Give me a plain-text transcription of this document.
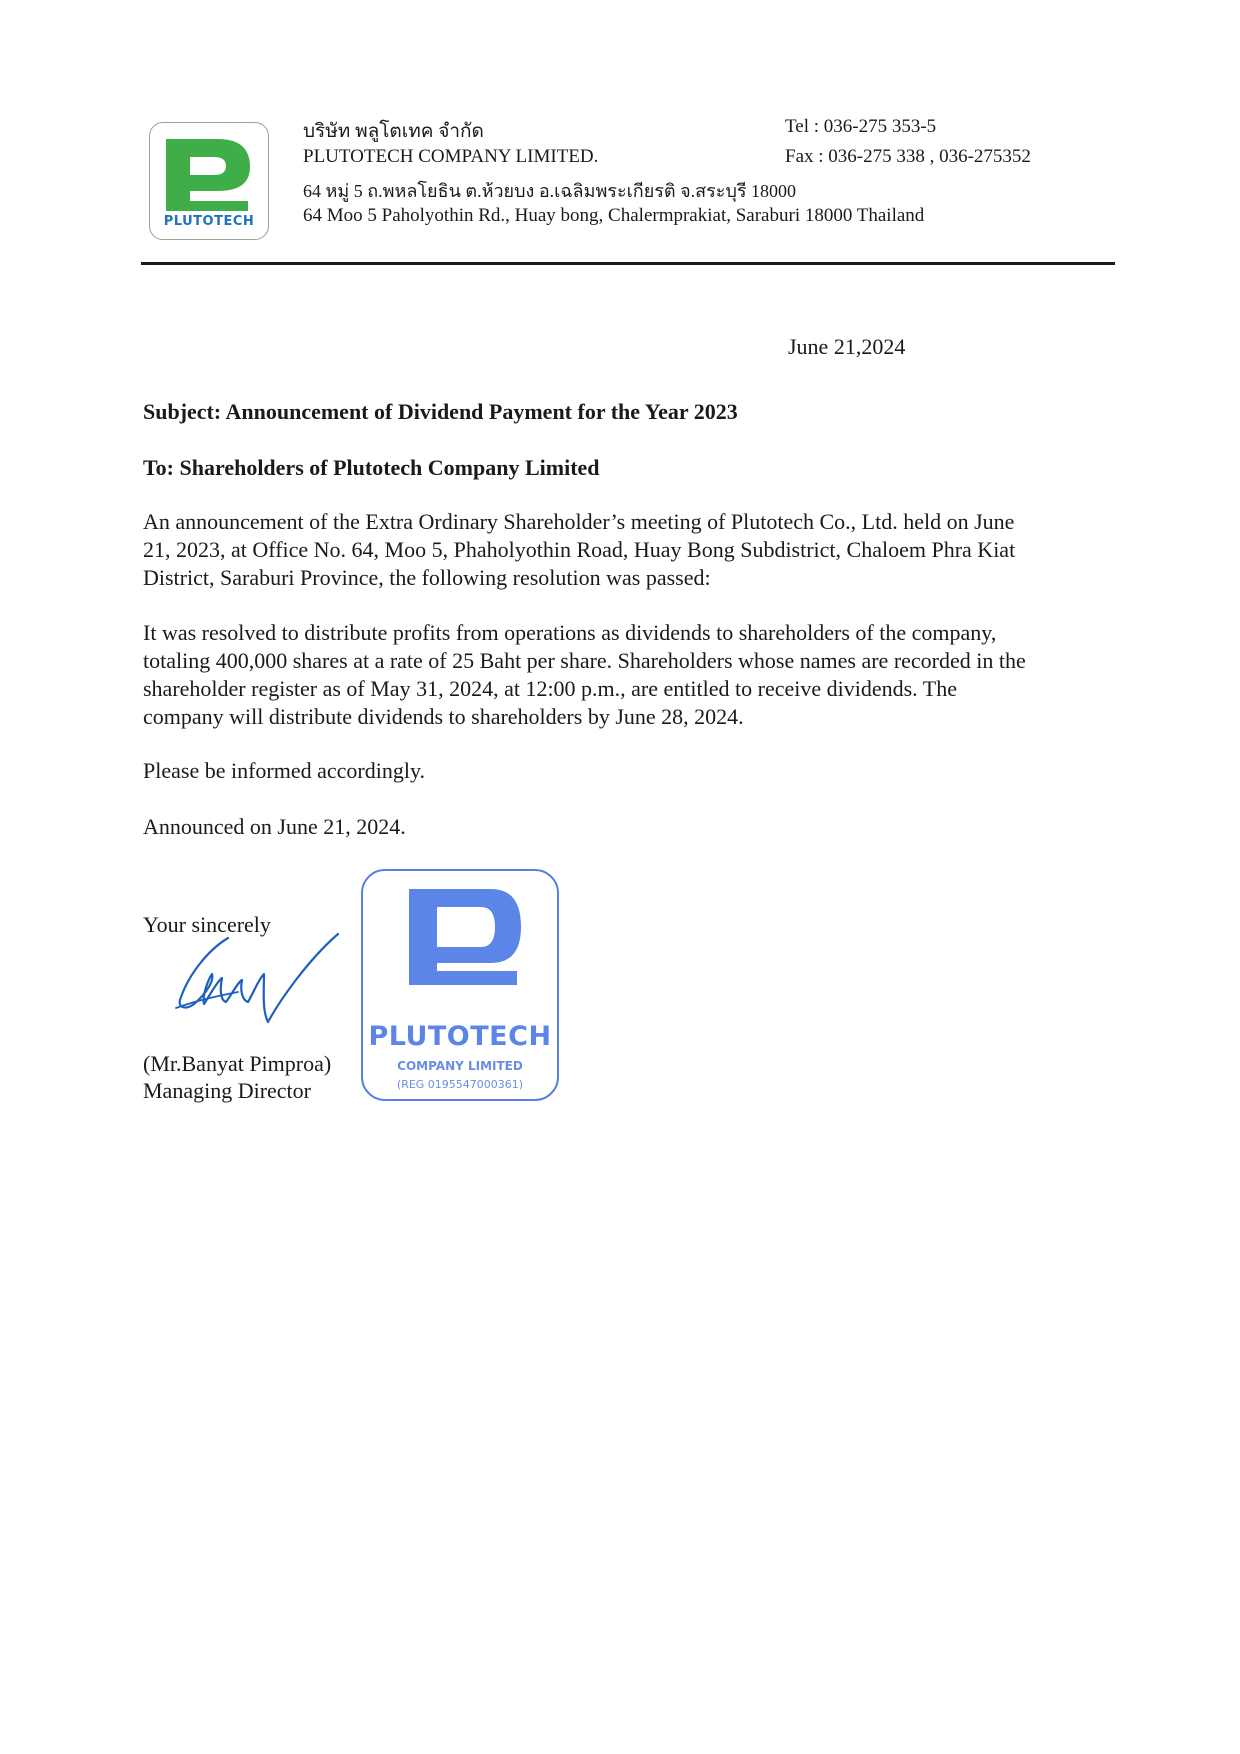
PLUTOTECH
บริษัท พลูโตเทค จำกัด
PLUTOTECH COMPANY LIMITED.
64 หมู่ 5 ถ.พหลโยธิน ต.ห้วยบง อ.เฉลิมพระเกียรติ จ.สระบุรี 18000
64 Moo 5 Paholyothin Rd., Huay bong, Chalermprakiat, Saraburi 18000 Thailand
Tel : 036-275 353-5
Fax : 036-275 338 , 036-275352
June 21,2024
Subject: Announcement of Dividend Payment for the Year 2023
To: Shareholders of Plutotech Company Limited
An announcement of the Extra Ordinary Shareholder’s meeting of Plutotech Co., Ltd. held on June
21, 2023, at Office No. 64, Moo 5, Phaholyothin Road, Huay Bong Subdistrict, Chaloem Phra Kiat
District, Saraburi Province, the following resolution was passed:
It was resolved to distribute profits from operations as dividends to shareholders of the company,
totaling 400,000 shares at a rate of 25 Baht per share. Shareholders whose names are recorded in the
shareholder register as of May 31, 2024, at 12:00 p.m., are entitled to receive dividends. The
company will distribute dividends to shareholders by June 28, 2024.
Please be informed accordingly.
Announced on June 21, 2024.
Your sincerely
(Mr.Banyat Pimproa)
Managing Director
PLUTOTECH
COMPANY LIMITED
(REG 0195547000361)
